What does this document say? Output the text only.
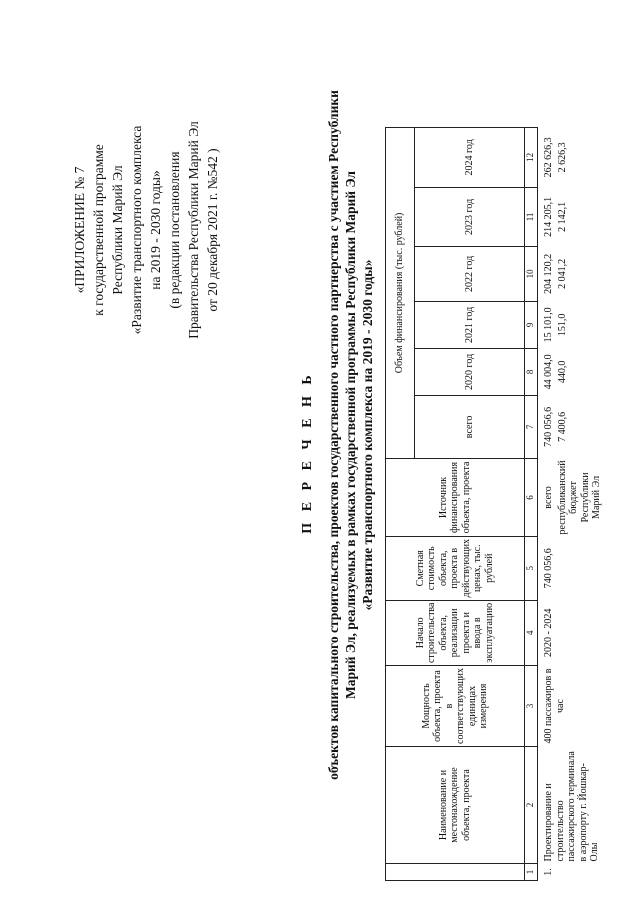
«ПРИЛОЖЕНИЕ № 7 к государственной программе Республики Марий Эл «Развитие транспортного комплекса на 2019 - 2030 годы» (в редакции постановления Правительства Республики Марий Эл от 20 декабря 2021 г. №542 )
П Е Р Е Ч Е Н Ь объектов капитального строительства, проектов государственного частного партнерства с участием Республики Марий Эл, реализуемых в рамках государственной программы Республики Марий Эл «Развитие транспортного комплекса на 2019 - 2030 годы»
	Наименование и местонахождение объекта, проекта	Мощность объекта, проекта в соответствующих единицах измерения	Начало строительства объекта, реализации проекта и ввода в эксплуатацию	Сметная стоимость объекта, проекта в действующих ценах, тыс. рублей	Источник финансирования объекта, проекта	Объем финансирования (тыс. рублей)					
						всего	2020 год	2021 год	2022 год	2023 год	2024 год
1	2	3	4	5	6	7	8	9	10	11	12
1.	Проектирование и строительство пассажирского терминала в аэропорту г. Йошкар-Олы	400 пассажиров в час	2020 - 2024	740 056,6	всего	740 056,6	44 004,0	15 101,0	204 120,2	214 205,1	262 626,3
					республиканский бюджет Республики Марий Эл	7 400,6	440,0	151,0	2 041,2	2 142,1	2 626,3
